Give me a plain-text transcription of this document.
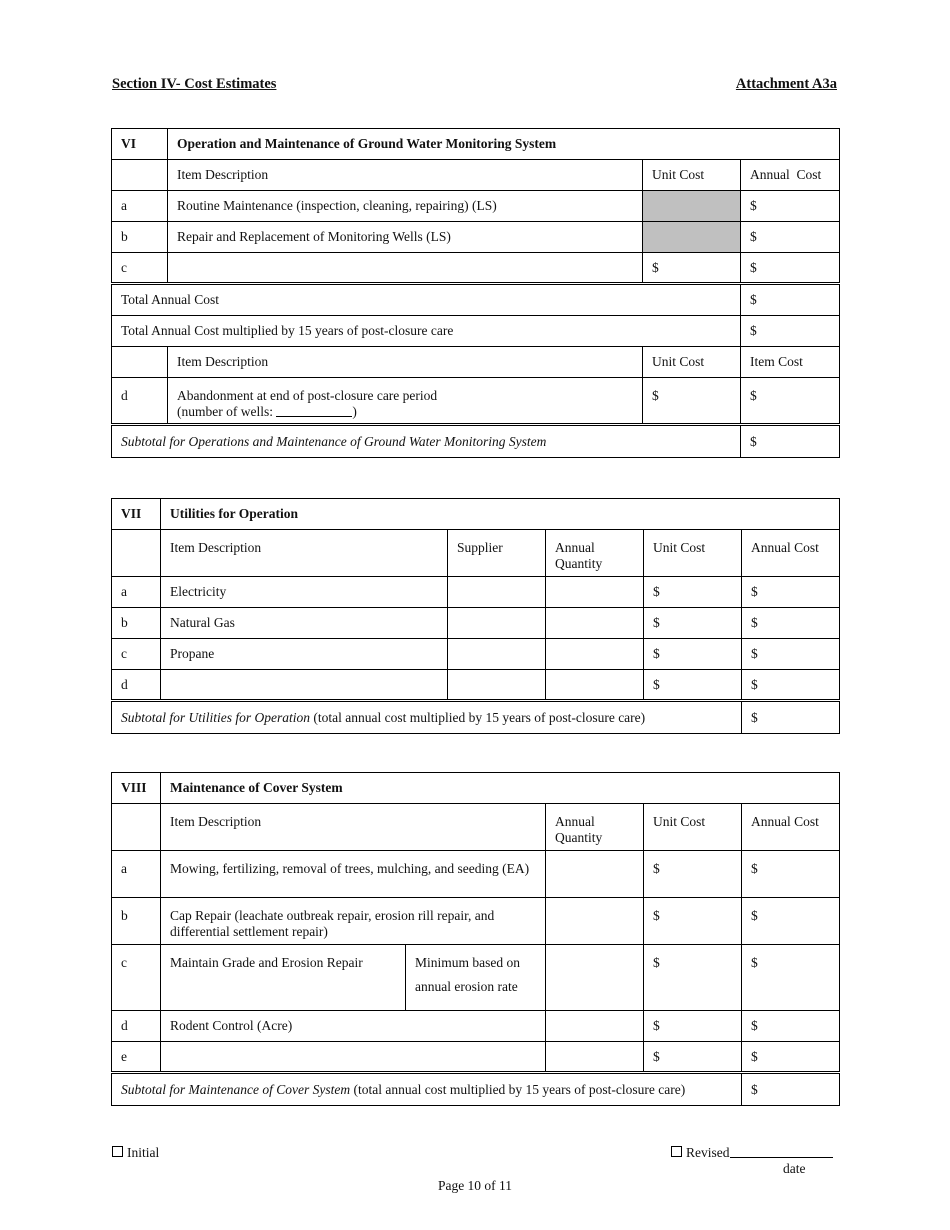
Section IV- Cost Estimates	Attachment A3a
VI	Operation and Maintenance of Ground Water Monitoring System		
	Item Description	Unit Cost	Annual  Cost
a	Routine Maintenance (inspection, cleaning, repairing) (LS)		$
b	Repair and Replacement of Monitoring Wells (LS)		$
c		$	$
Total Annual Cost			$
Total Annual Cost multiplied by 15 years of post-closure care			$
	Item Description	Unit Cost	Item Cost
d	Abandonment at end of post-closure care period
(number of wells: )	$	$
Subtotal for Operations and Maintenance of Ground Water Monitoring System			$
VII	Utilities for Operation				
	Item Description	Supplier	Annual Quantity	Unit Cost	Annual Cost
a	Electricity			$	$
b	Natural Gas			$	$
c	Propane			$	$
d				$	$
Subtotal for Utilities for Operation (total annual cost multiplied by 15 years of post-closure care)					$
VIII	Maintenance of Cover System				
	Item Description		Annual Quantity	Unit Cost	Annual Cost
a	Mowing, fertilizing, removal of trees, mulching, and seeding (EA)			$	$
b	Cap Repair (leachate outbreak repair, erosion rill repair, and differential settlement repair)			$	$
c	Maintain Grade and Erosion Repair	Minimum based on
annual erosion rate		$	$
d	Rodent Control (Acre)			$	$
e				$	$
Subtotal for Maintenance of Cover System (total annual cost multiplied by 15 years of post-closure care)					$
Initial	Revised
date
Page 10 of 11
